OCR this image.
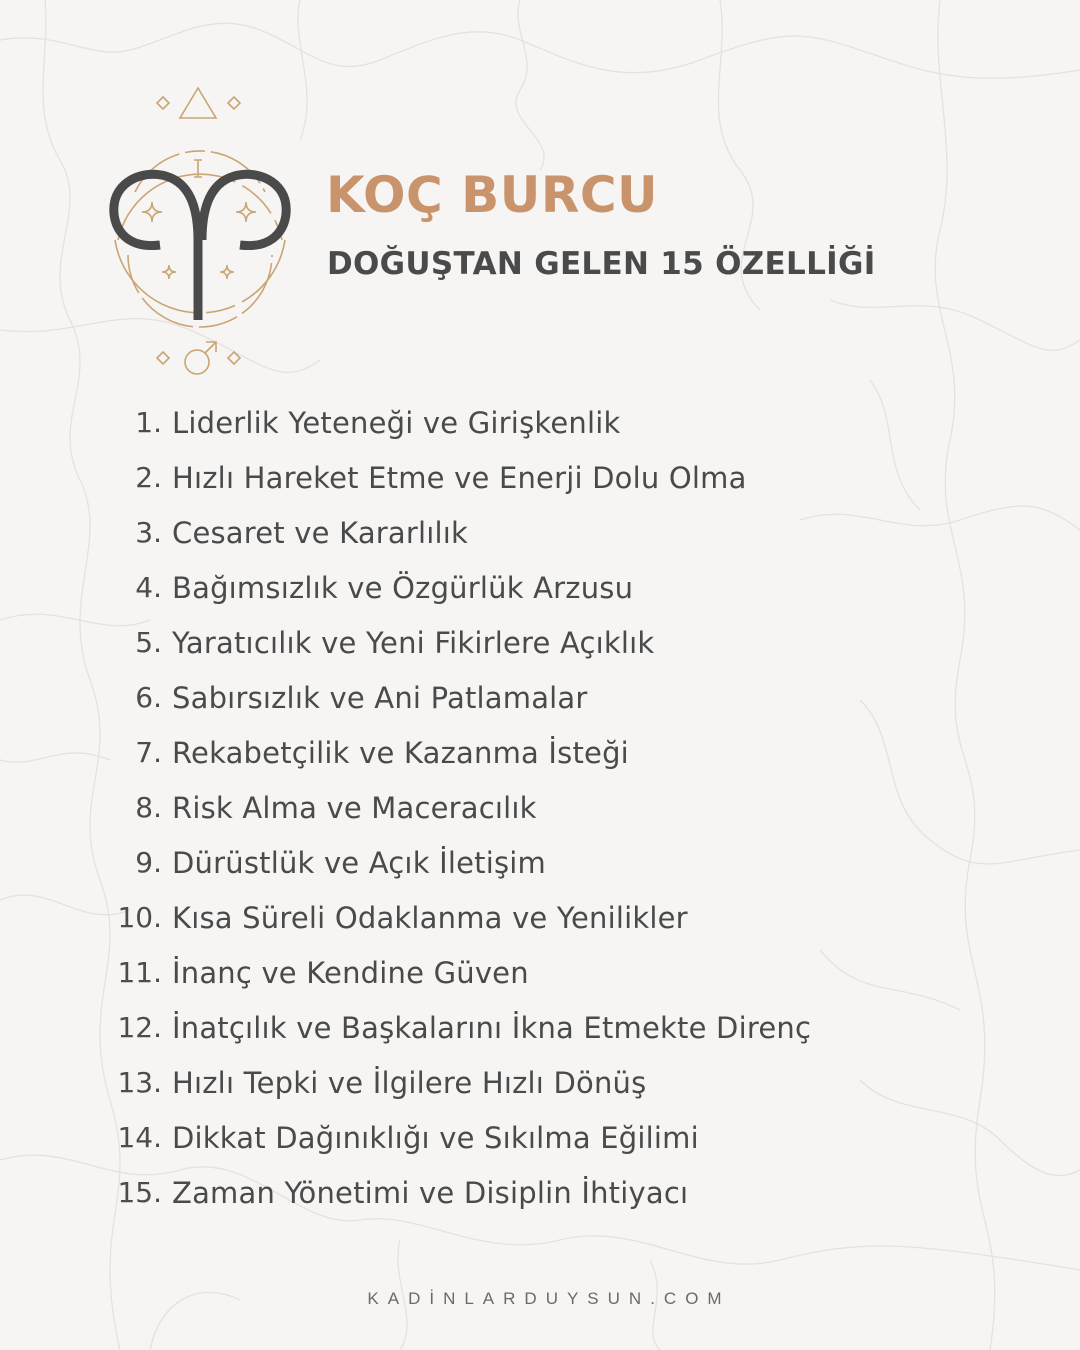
KOÇ BURCU
DOĞUŞTAN GELEN 15 ÖZELLİĞİ
1. Liderlik Yeteneği ve Girişkenlik
2. Hızlı Hareket Etme ve Enerji Dolu Olma
3. Cesaret ve Kararlılık
4. Bağımsızlık ve Özgürlük Arzusu
5. Yaratıcılık ve Yeni Fikirlere Açıklık
6. Sabırsızlık ve Ani Patlamalar
7. Rekabetçilik ve Kazanma İsteği
8. Risk Alma ve Maceracılık
9. Dürüstlük ve Açık İletişim
10. Kısa Süreli Odaklanma ve Yenilikler
11. İnanç ve Kendine Güven
12. İnatçılık ve Başkalarını İkna Etmekte Direnç
13. Hızlı Tepki ve İlgilere Hızlı Dönüş
14. Dikkat Dağınıklığı ve Sıkılma Eğilimi
15. Zaman Yönetimi ve Disiplin İhtiyacı
KADİNLARDUYSUN.COM
